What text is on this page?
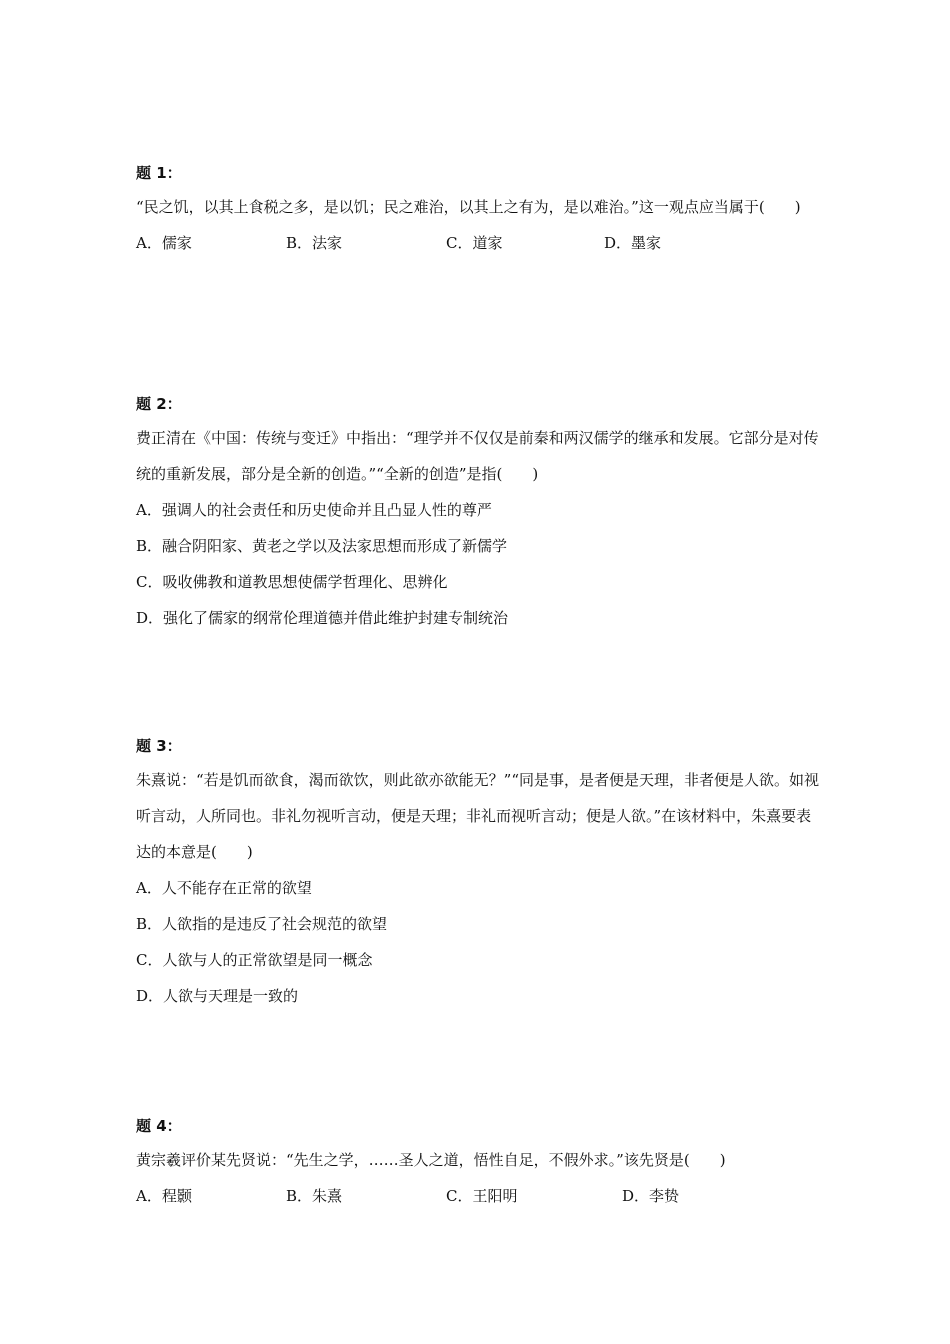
题 1：
“民之饥，以其上食税之多，是以饥；民之难治，以其上之有为，是以难治。”这一观点应当属于(　　)
A．儒家	B．法家	C．道家	D．墨家
题 2：
费正清在《中国：传统与变迁》中指出：“理学并不仅仅是前秦和两汉儒学的继承和发展。它部分是对传统的重新发展，部分是全新的创造。”“全新的创造”是指(　　)
A．强调人的社会责任和历史使命并且凸显人性的尊严
B．融合阴阳家、黄老之学以及法家思想而形成了新儒学
C．吸收佛教和道教思想使儒学哲理化、思辨化
D．强化了儒家的纲常伦理道德并借此维护封建专制统治
题 3：
朱熹说：“若是饥而欲食，渴而欲饮，则此欲亦欲能无？”“同是事，是者便是天理，非者便是人欲。如视听言动，人所同也。非礼勿视听言动，便是天理；非礼而视听言动；便是人欲。”在该材料中，朱熹要表达的本意是(　　)
A．人不能存在正常的欲望
B．人欲指的是违反了社会规范的欲望
C．人欲与人的正常欲望是同一概念
D．人欲与天理是一致的
题 4：
黄宗羲评价某先贤说：“先生之学，……圣人之道，悟性自足，不假外求。”该先贤是(　　)
A．程颢	B．朱熹	C．王阳明	D．李贽
